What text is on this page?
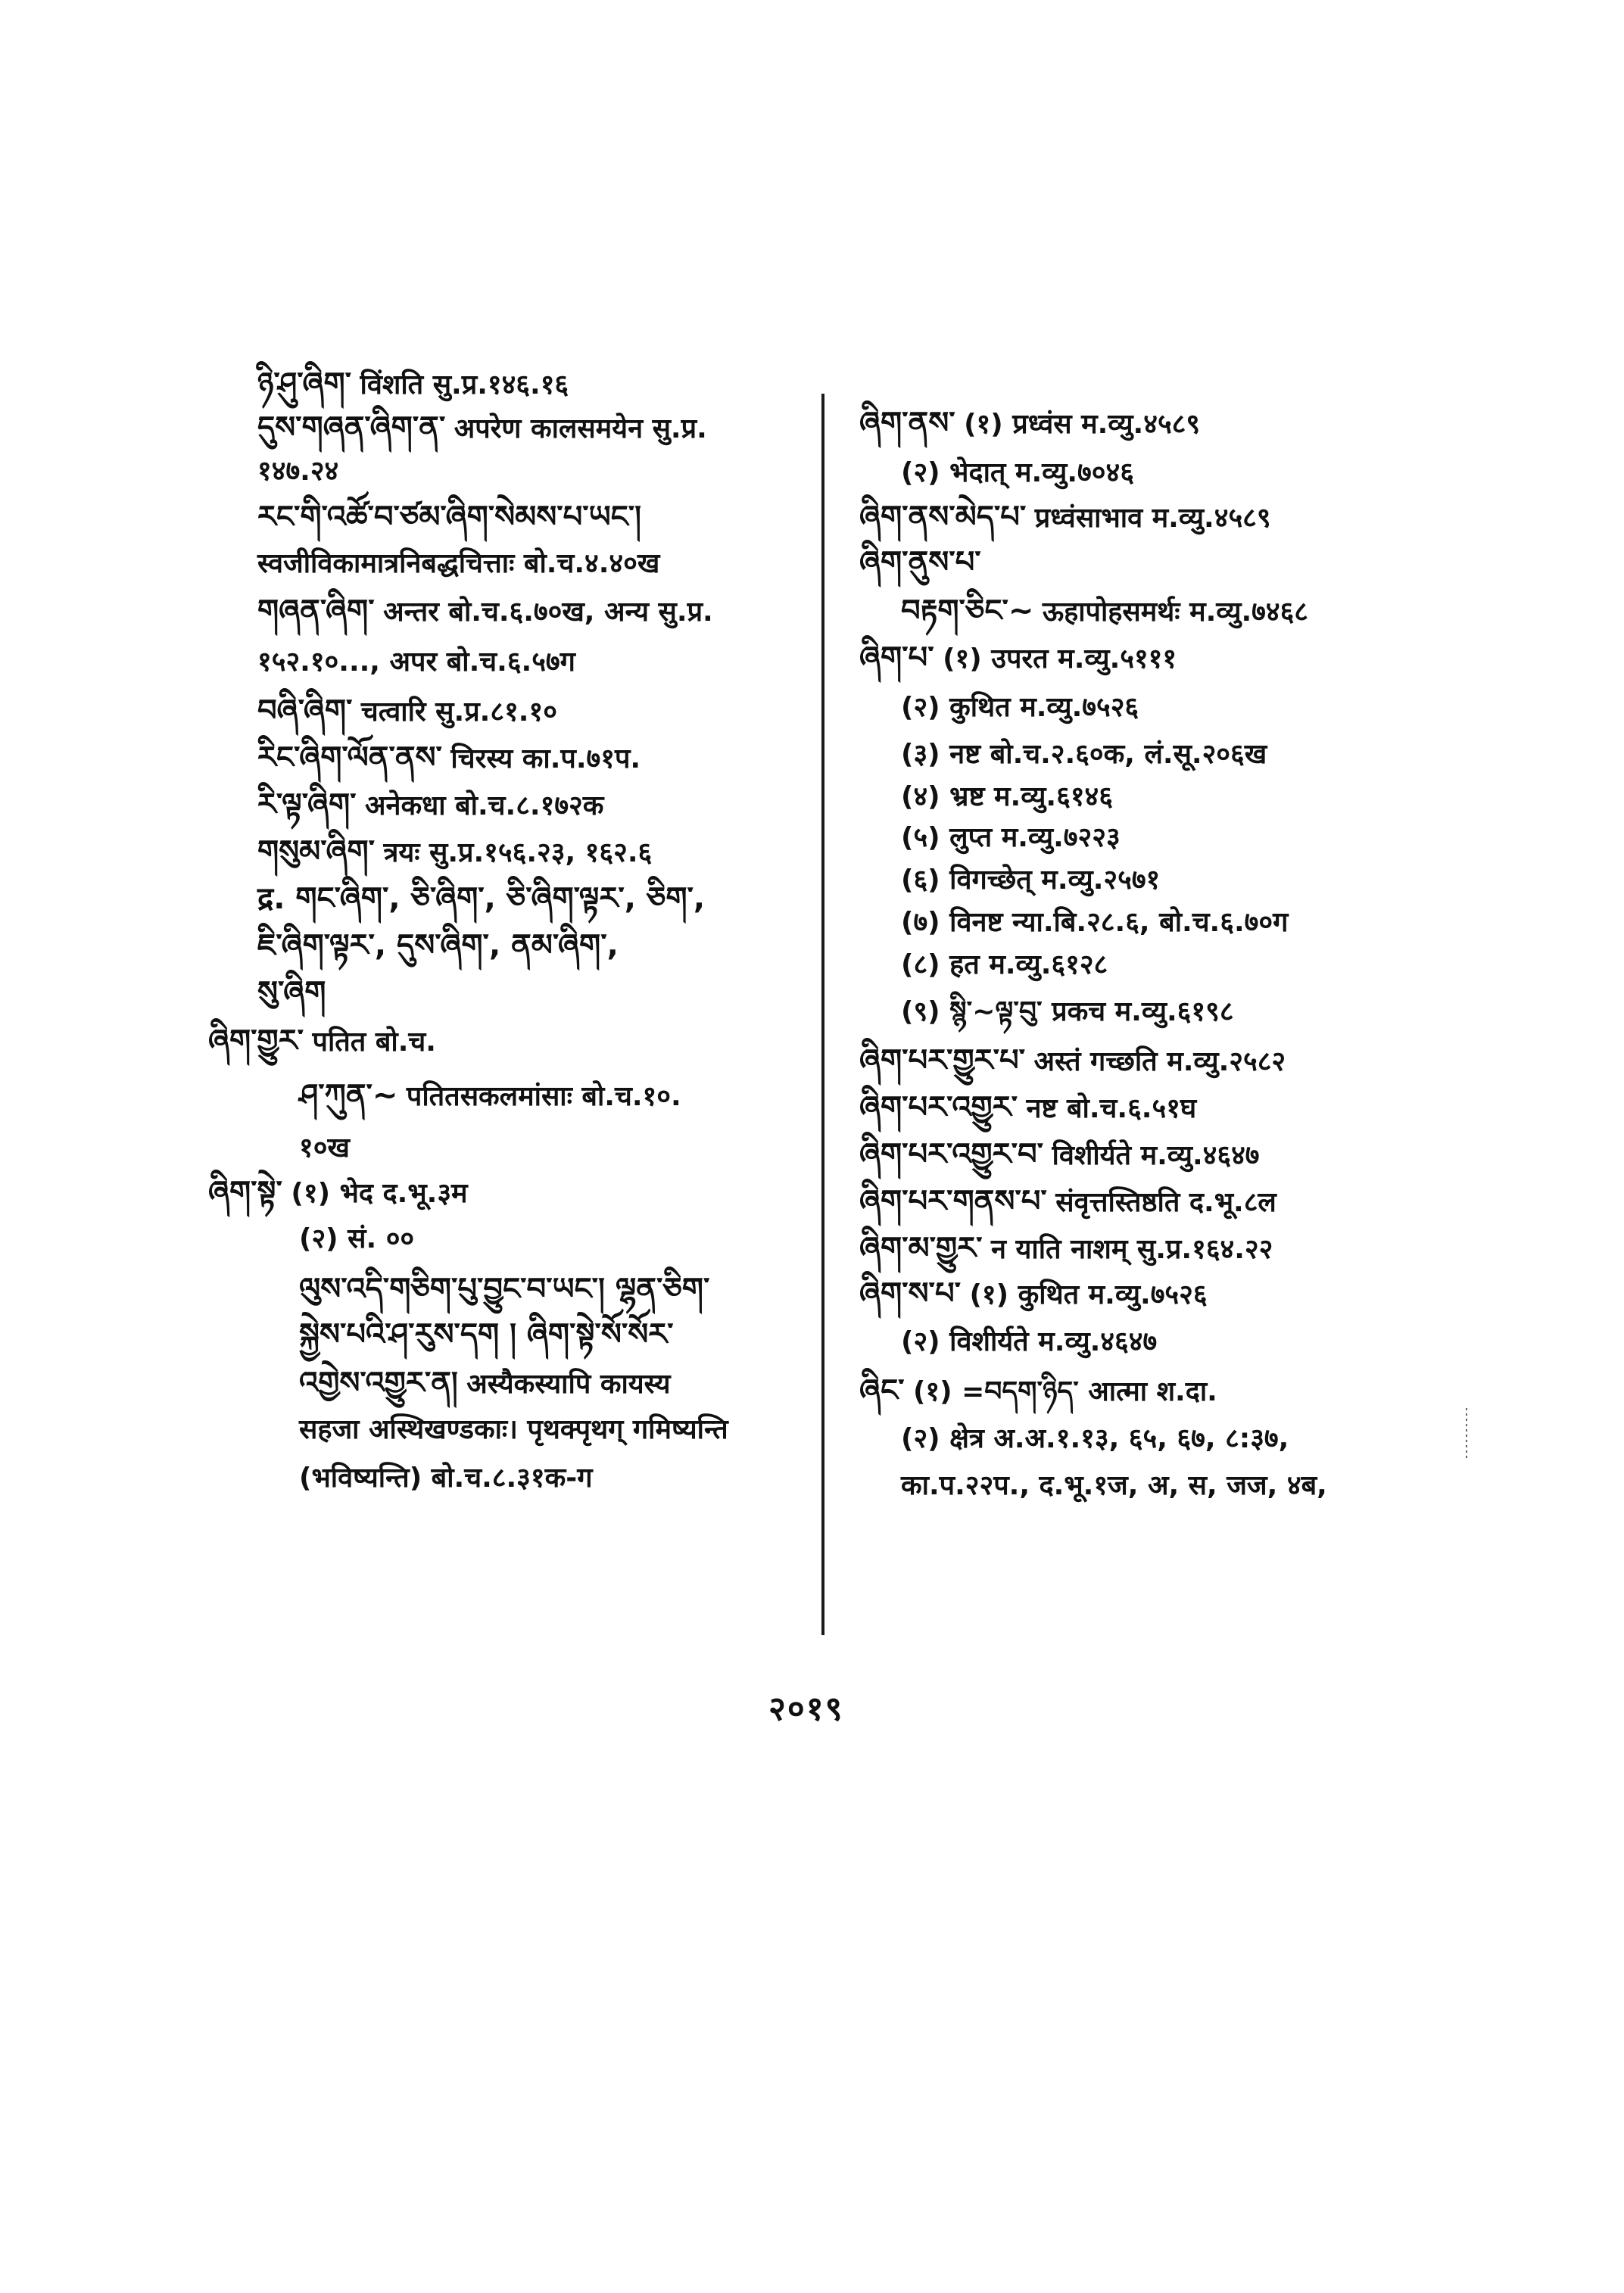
ཉི་ཤུ་ཞིག་ विंशति सु.प्र.१४६.१६
དུས་གཞན་ཞིག་ན་ अपरेण कालसमयेन सु.प्र.
१४७.२४
རང་གི་འཚོ་བ་ཙམ་ཞིག་སེམས་པ་ཡང་།
स्वजीविकामात्रनिबद्धचित्ताः बो.च.४.४०ख
གཞན་ཞིག་ अन्तर बो.च.६.७०ख, अन्य सु.प्र.
१५२.१०..., अपर बो.च.६.५७ग
བཞི་ཞིག་ चत्वारि सु.प्र.८१.१०
རིང་ཞིག་ལོན་ནས་ चिरस्य का.प.७१प.
རི་ལྟ་ཞིག་ अनेकधा बो.च.८.१७२क
གསུམ་ཞིག་ त्रयः सु.प्र.१५६.२३, १६२.६
द्र. གང་ཞིག་, ཅི་ཞིག་, ཅི་ཞིག་ལྟར་, ཅིག་,
ཇི་ཞིག་ལྟར་, དུས་ཞིག་, ནམ་ཞིག་,
སུ་ཞིག
ཞིག་གྱུར་ पतित बो.च.
ཤ་ཀུན་~ पतितसकलमांसाः बो.च.१०.
१०ख
ཞིག་སྟེ་ (१) भेद द.भू.३म
(२) सं. ००
ལུས་འདི་གཅིག་པུ་བྱུང་བ་ཡང་། ལྷན་ཅིག་
སྐྱེས་པའི་ཤ་རུས་དག ། ཞིག་སྟེ་སོ་སོར་
འགྱེས་འགྱུར་ན། अस्यैकस्यापि कायस्य
सहजा अस्थिखण्डकाः। पृथक्पृथग् गमिष्यन्ति
(भविष्यन्ति) बो.च.८.३१क-ग
ཞིག་ནས་ (१) प्रध्वंस म.व्यु.४५८९
(२) भेदात् म.व्यु.७०४६
ཞིག་ནས་མེད་པ་ प्रध्वंसाभाव म.व्यु.४५८९
ཞིག་ནུས་པ་
བརྟག་ཅིང་~ ऊहापोहसमर्थः म.व्यु.७४६८
ཞིག་པ་ (१) उपरत म.व्यु.५१११
(२) कुथित म.व्यु.७५२६
(३) नष्ट बो.च.२.६०क, लं.सू.२०६ख
(४) भ्रष्ट म.व्यु.६१४६
(५) लुप्त म.व्यु.७२२३
(६) विगच्छेत् म.व्यु.२५७१
(७) विनष्ट न्या.बि.२८.६, बो.च.६.७०ग
(८) हत म.व्यु.६१२८
(९) སྙི་~ལྟ་བུ་ प्रकच म.व्यु.६१९८
ཞིག་པར་གྱུར་པ་ अस्तं गच्छति म.व्यु.२५८२
ཞིག་པར་འགྱུར་ नष्ट बो.च.६.५१घ
ཞིག་པར་འགྱུར་བ་ विशीर्यते म.व्यु.४६४७
ཞིག་པར་གནས་པ་ संवृत्तस्तिष्ठति द.भू.८ल
ཞིག་མ་གྱུར་ न याति नाशम् सु.प्र.१६४.२२
ཞིག་ས་པ་ (१) कुथित म.व्यु.७५२६
(२) विशीर्यते म.व्यु.४६४७
ཞིང་ (१) =བདག་ཉིད་ आत्मा श.दा.
(२) क्षेत्र अ.अ.१.१३, ६५, ६७, ८:३७,
का.प.२२प., द.भू.१ज, अ, स, जज, ४ब,
२०१९
